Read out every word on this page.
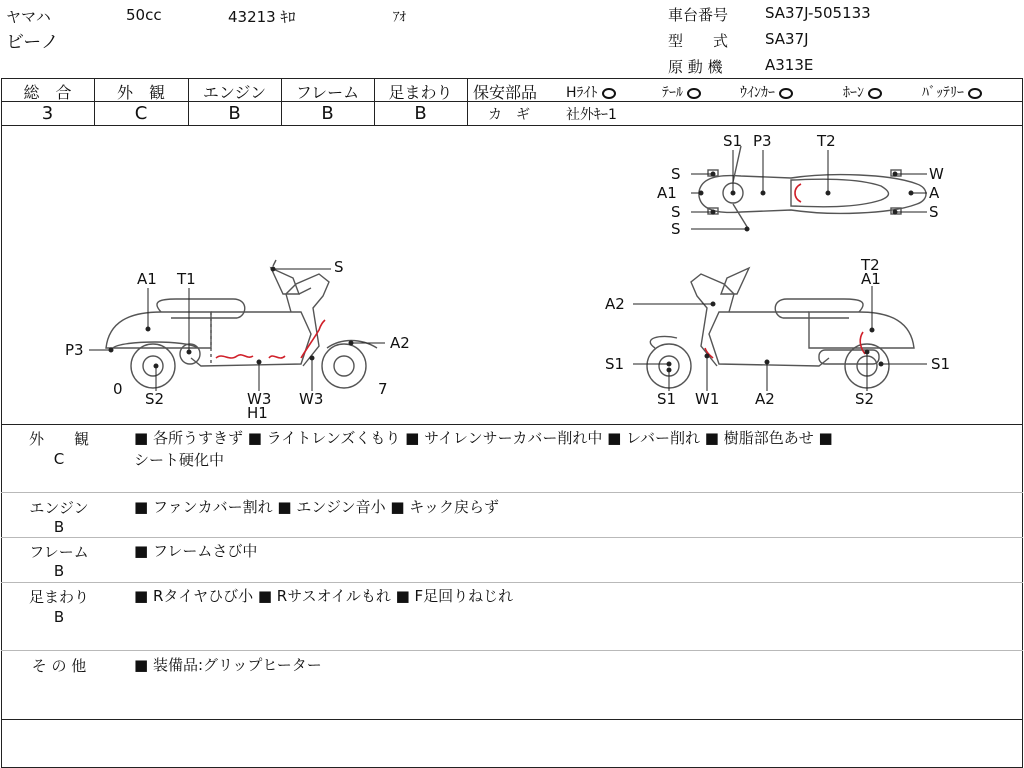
ヤマハ	50cc	43213 ｷﾛ	ｱｵ
ビーノ
車台番号 SA37J-505133
型　　式 SA37J
原 動 機	A313E
総　合	外　観	エンジン	フレーム	足まわり
3	C	B	B	B
保安部品 Hﾗｲﾄ	ﾃｰﾙ	ｳｲﾝｶｰ	ﾎｰﾝ	ﾊﾞｯﾃﾘｰ
カ　ギ	社外ｷｰ1
A1 T1
S
P3	A2
0
S2	W3
H1
W3
7
T2
A1
A2
S1
S1 W1 A2	S2
S1
S1 P3	T2
S	W
A1	A
S	S
S
外　　観
C
■ 各所うすきず ■ ライトレンズくもり ■ サイレンサーカバー削れ中 ■ レバー削れ ■ 樹脂部色あせ ■
シート硬化中
エンジン
B
■ ファンカバー割れ ■ エンジン音小 ■ キック戻らず
フレーム
B
■ フレームさび中
足まわり
B
■ Rタイヤひび小 ■ Rサスオイルもれ ■ F足回りねじれ
そ の 他	■ 装備品:グリップヒーター
